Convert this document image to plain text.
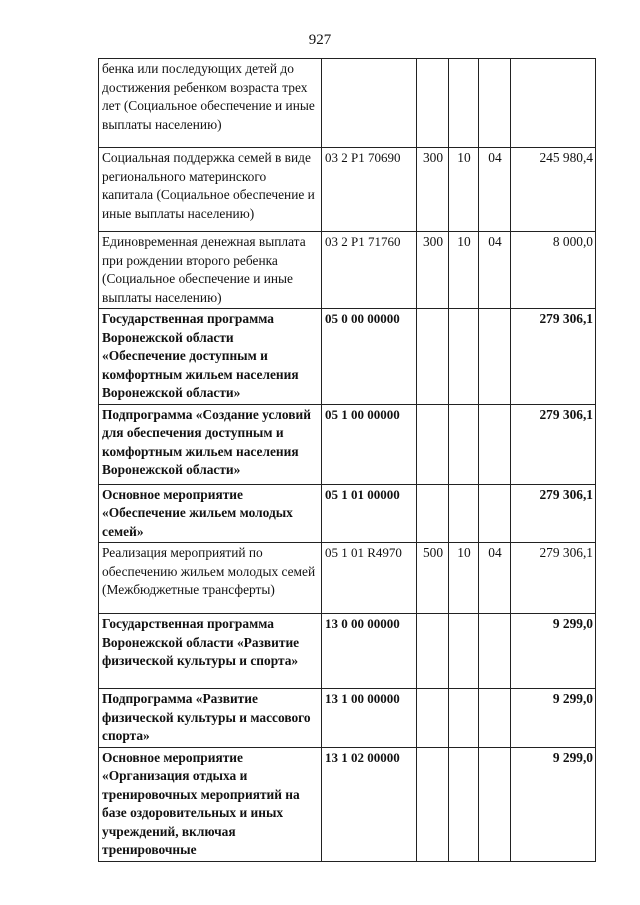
927
бенка или последующих детей до достижения ребенком возраста трех лет (Социальное обеспечение и иные выплаты населению)					
Социальная поддержка семей в виде регионального материнского капитала (Социальное обеспечение и иные выплаты населению)	03 2 P1 70690	300	10	04	245 980,4
Единовременная денежная выплата при рождении второго ребенка (Социальное обеспечение и иные выплаты населению)	03 2 P1 71760	300	10	04	8 000,0
Государственная программа Воронежской области «Обеспечение доступным и комфортным жильем населения Воронежской области»	05 0 00 00000				279 306,1
Подпрограмма «Создание условий для обеспечения доступным и комфортным жильем населения Воронежской области»	05 1 00 00000				279 306,1
Основное мероприятие «Обеспечение жильем молодых семей»	05 1 01 00000				279 306,1
Реализация мероприятий по обеспечению жильем молодых семей (Межбюджетные трансферты)	05 1 01 R4970	500	10	04	279 306,1
Государственная программа Воронежской области «Развитие физической культуры и спорта»	13 0 00 00000				9 299,0
Подпрограмма «Развитие физической культуры и массового спорта»	13 1 00 00000				9 299,0
Основное мероприятие «Организация отдыха и тренировочных мероприятий на базе оздоровительных и иных учреждений, включая тренировочные	13 1 02 00000				9 299,0
